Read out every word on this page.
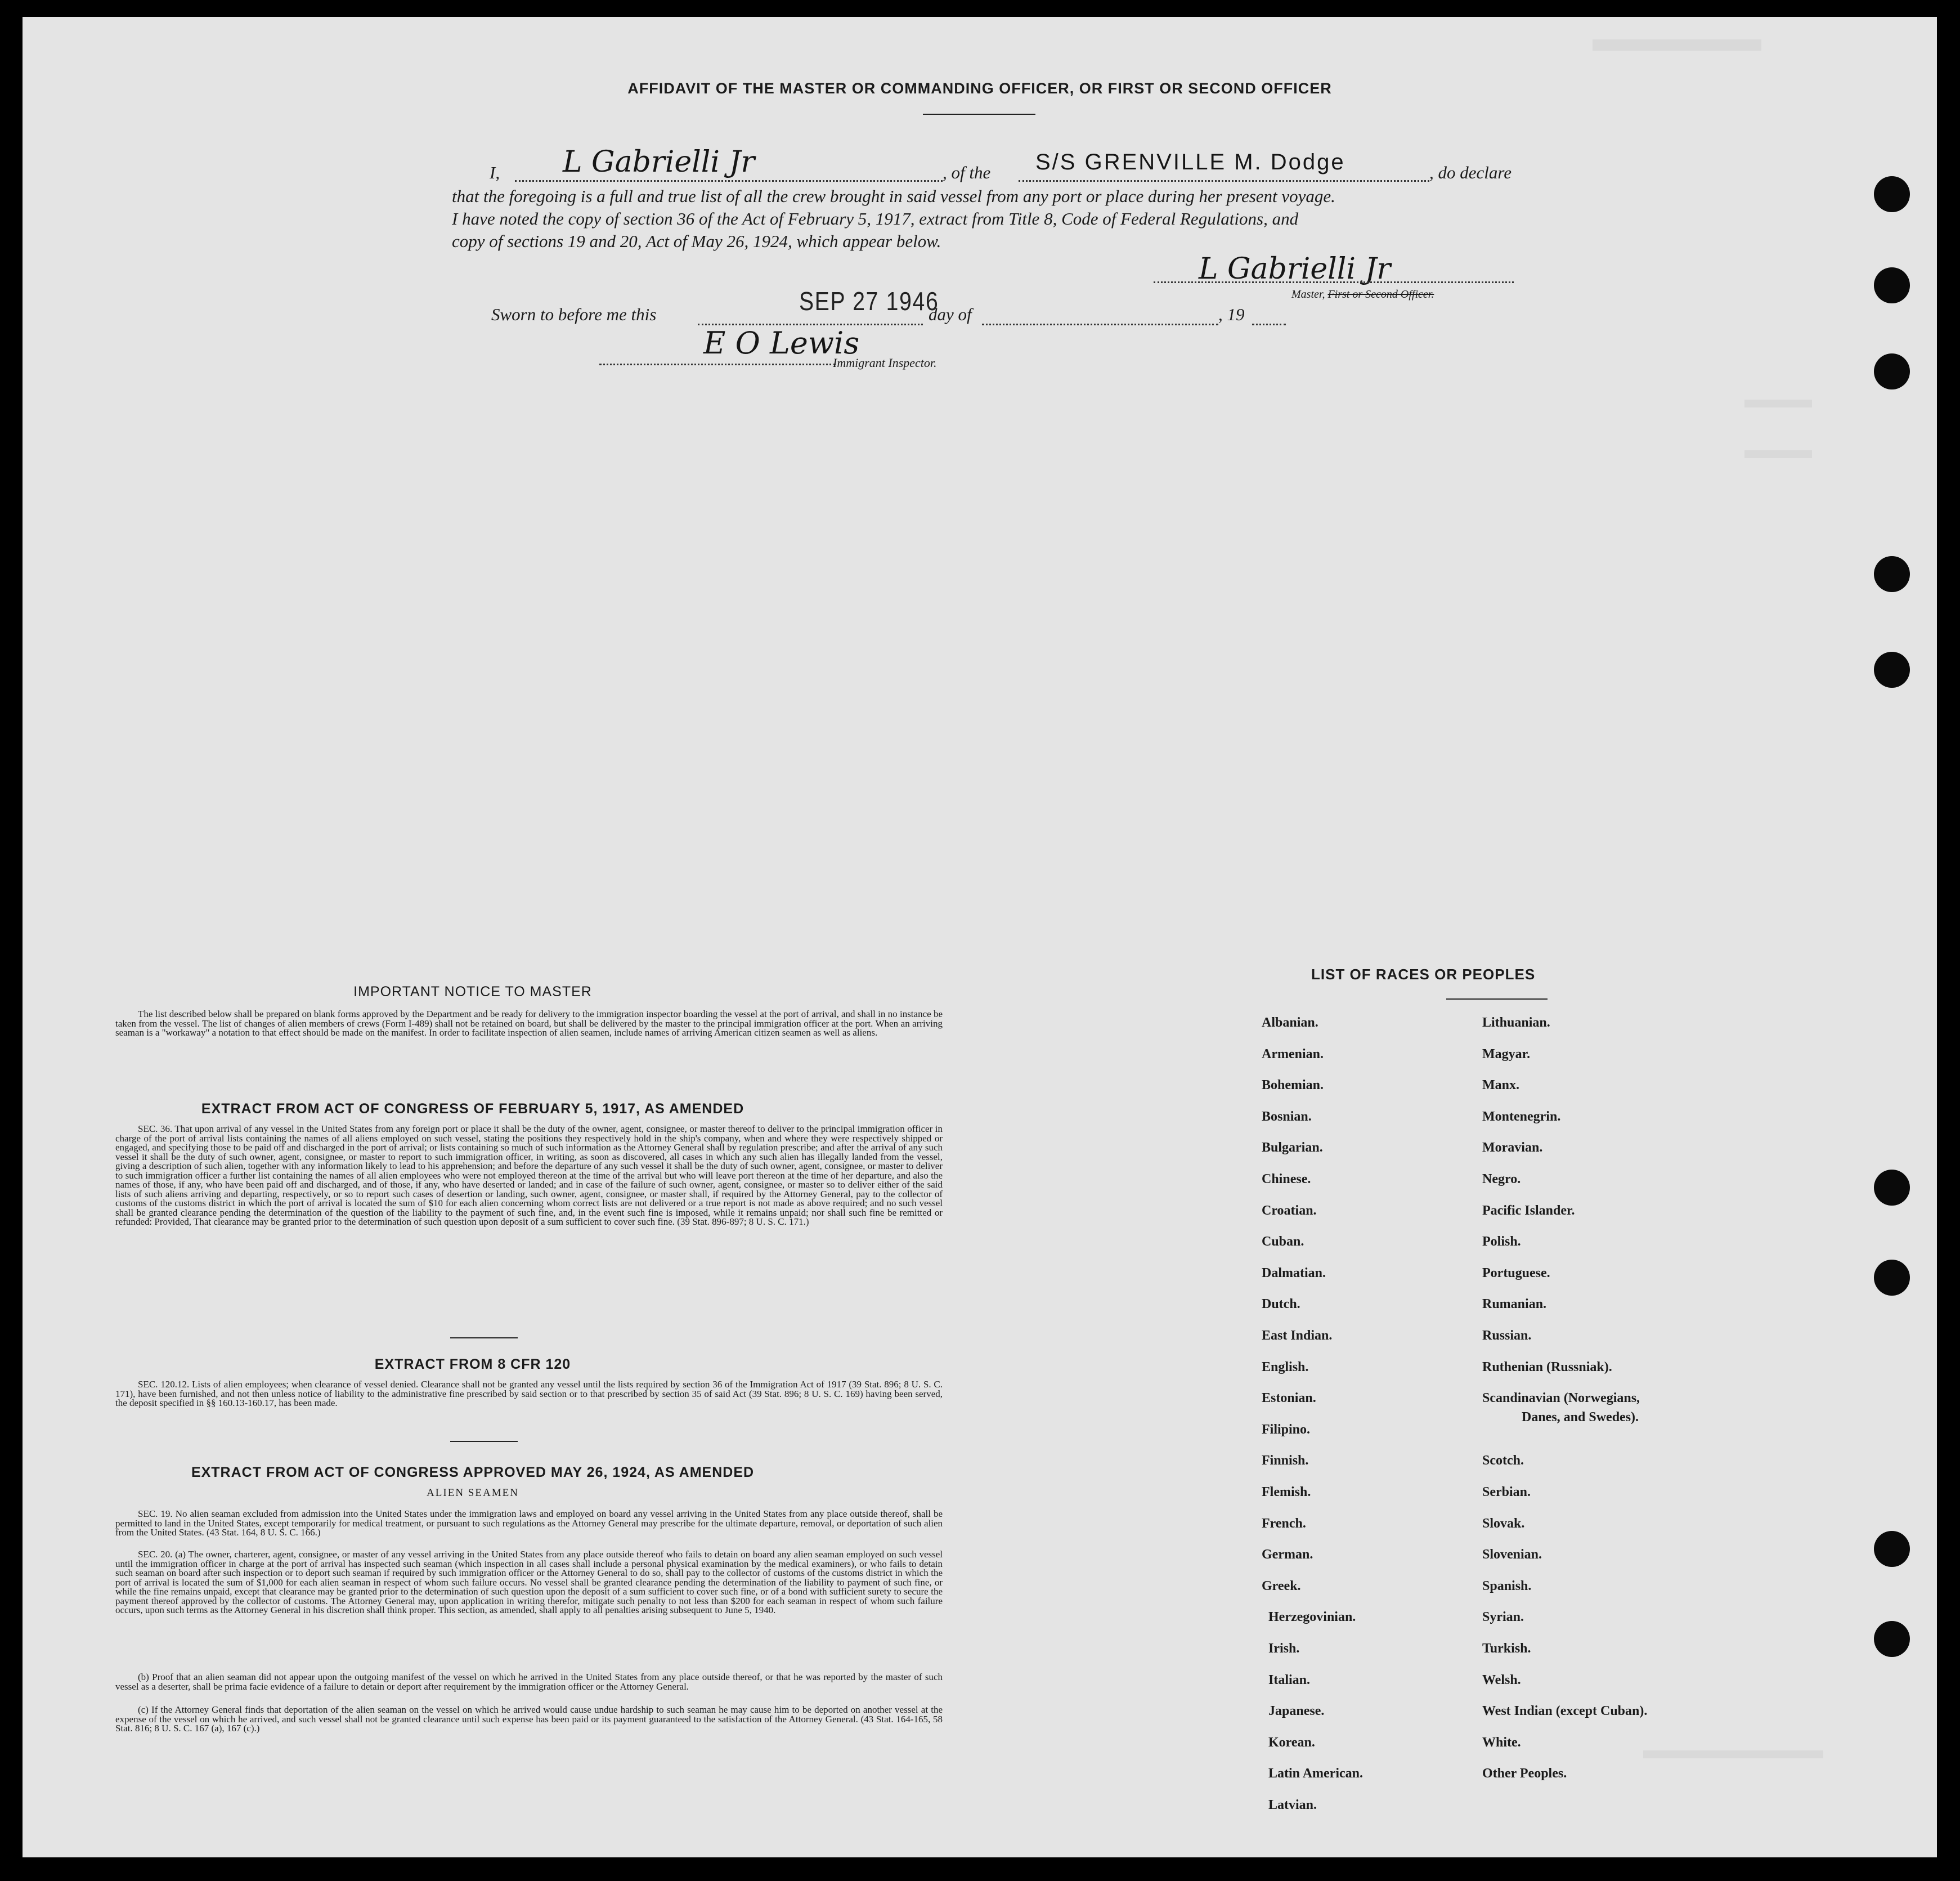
AFFIDAVIT OF THE MASTER OR COMMANDING OFFICER, OR FIRST OR SECOND OFFICER
I, L Gabrielli Jr	, of the S/S GRENVILLE M. Dodge	, do declare
that the foregoing is a full and true list of all the crew brought in said vessel from any port or place during her present voyage.
I have noted the copy of section 36 of the Act of February 5, 1917, extract from Title 8, Code of Federal Regulations, and
copy of sections 19 and 20, Act of May 26, 1924, which appear below.
L Gabrielli Jr
Master, First or Second Officer.
Sworn to before me this	SEP 27 1946
day of	, 19
E O Lewis
Immigrant Inspector.
IMPORTANT NOTICE TO MASTER
The list described below shall be prepared on blank forms approved by the Department and be ready for delivery to the immigration inspector boarding the vessel at the port of arrival, and shall in no instance be taken from the vessel. The list of changes of alien members of crews (Form I-489) shall not be retained on board, but shall be delivered by the master to the principal immigration officer at the port. When an arriving seaman is a "workaway" a notation to that effect should be made on the manifest. In order to facilitate inspection of alien seamen, include names of arriving American citizen seamen as well as aliens.
EXTRACT FROM ACT OF CONGRESS OF FEBRUARY 5, 1917, AS AMENDED
SEC. 36. That upon arrival of any vessel in the United States from any foreign port or place it shall be the duty of the owner, agent, consignee, or master thereof to deliver to the principal immigration officer in charge of the port of arrival lists containing the names of all aliens employed on such vessel, stating the positions they respectively hold in the ship's company, when and where they were respectively shipped or engaged, and specifying those to be paid off and discharged in the port of arrival; or lists containing so much of such information as the Attorney General shall by regulation prescribe; and after the arrival of any such vessel it shall be the duty of such owner, agent, consignee, or master to report to such immigration officer, in writing, as soon as discovered, all cases in which any such alien has illegally landed from the vessel, giving a description of such alien, together with any information likely to lead to his apprehension; and before the departure of any such vessel it shall be the duty of such owner, agent, consignee, or master to deliver to such immigration officer a further list containing the names of all alien employees who were not employed thereon at the time of the arrival but who will leave port thereon at the time of her departure, and also the names of those, if any, who have been paid off and discharged, and of those, if any, who have deserted or landed; and in case of the failure of such owner, agent, consignee, or master so to deliver either of the said lists of such aliens arriving and departing, respectively, or so to report such cases of desertion or landing, such owner, agent, consignee, or master shall, if required by the Attorney General, pay to the collector of customs of the customs district in which the port of arrival is located the sum of $10 for each alien concerning whom correct lists are not delivered or a true report is not made as above required; and no such vessel shall be granted clearance pending the determination of the question of the liability to the payment of such fine, and, in the event such fine is imposed, while it remains unpaid; nor shall such fine be remitted or refunded: Provided, That clearance may be granted prior to the determination of such question upon deposit of a sum sufficient to cover such fine. (39 Stat. 896-897; 8 U. S. C. 171.)
EXTRACT FROM 8 CFR 120
SEC. 120.12. Lists of alien employees; when clearance of vessel denied. Clearance shall not be granted any vessel until the lists required by section 36 of the Immigration Act of 1917 (39 Stat. 896; 8 U. S. C. 171), have been furnished, and not then unless notice of liability to the administrative fine prescribed by said section or to that prescribed by section 35 of said Act (39 Stat. 896; 8 U. S. C. 169) having been served, the deposit specified in §§ 160.13-160.17, has been made.
EXTRACT FROM ACT OF CONGRESS APPROVED MAY 26, 1924, AS AMENDED
ALIEN SEAMEN
SEC. 19. No alien seaman excluded from admission into the United States under the immigration laws and employed on board any vessel arriving in the United States from any place outside thereof, shall be permitted to land in the United States, except temporarily for medical treatment, or pursuant to such regulations as the Attorney General may prescribe for the ultimate departure, removal, or deportation of such alien from the United States. (43 Stat. 164, 8 U. S. C. 166.)
SEC. 20. (a) The owner, charterer, agent, consignee, or master of any vessel arriving in the United States from any place outside thereof who fails to detain on board any alien seaman employed on such vessel until the immigration officer in charge at the port of arrival has inspected such seaman (which inspection in all cases shall include a personal physical examination by the medical examiners), or who fails to detain such seaman on board after such inspection or to deport such seaman if required by such immigration officer or the Attorney General to do so, shall pay to the collector of customs of the customs district in which the port of arrival is located the sum of $1,000 for each alien seaman in respect of whom such failure occurs. No vessel shall be granted clearance pending the determination of the liability to payment of such fine, or while the fine remains unpaid, except that clearance may be granted prior to the determination of such question upon the deposit of a sum sufficient to cover such fine, or of a bond with sufficient surety to secure the payment thereof approved by the collector of customs. The Attorney General may, upon application in writing therefor, mitigate such penalty to not less than $200 for each seaman in respect of whom such failure occurs, upon such terms as the Attorney General in his discretion shall think proper. This section, as amended, shall apply to all penalties arising subsequent to June 5, 1940.
(b) Proof that an alien seaman did not appear upon the outgoing manifest of the vessel on which he arrived in the United States from any place outside thereof, or that he was reported by the master of such vessel as a deserter, shall be prima facie evidence of a failure to detain or deport after requirement by the immigration officer or the Attorney General.
(c) If the Attorney General finds that deportation of the alien seaman on the vessel on which he arrived would cause undue hardship to such seaman he may cause him to be deported on another vessel at the expense of the vessel on which he arrived, and such vessel shall not be granted clearance until such expense has been paid or its payment guaranteed to the satisfaction of the Attorney General. (43 Stat. 164-165, 58 Stat. 816; 8 U. S. C. 167 (a), 167 (c).)
LIST OF RACES OR PEOPLES
Albanian.
Armenian.
Bohemian.
Bosnian.
Bulgarian.
Chinese.
Croatian.
Cuban.
Dalmatian.
Dutch.
East Indian.
English.
Estonian.
Filipino.
Finnish.
Flemish.
French.
German.
Greek.
Herzegovinian.
Irish.
Italian.
Japanese.
Korean.
Latin American.
Latvian.
Lithuanian.
Magyar.
Manx.
Montenegrin.
Moravian.
Negro.
Pacific Islander.
Polish.
Portuguese.
Rumanian.
Russian.
Ruthenian (Russniak).
Scandinavian (Norwegians,
Danes, and Swedes).
Scotch.
Serbian.
Slovak.
Slovenian.
Spanish.
Syrian.
Turkish.
Welsh.
West Indian (except Cuban).
White.
Other Peoples.
